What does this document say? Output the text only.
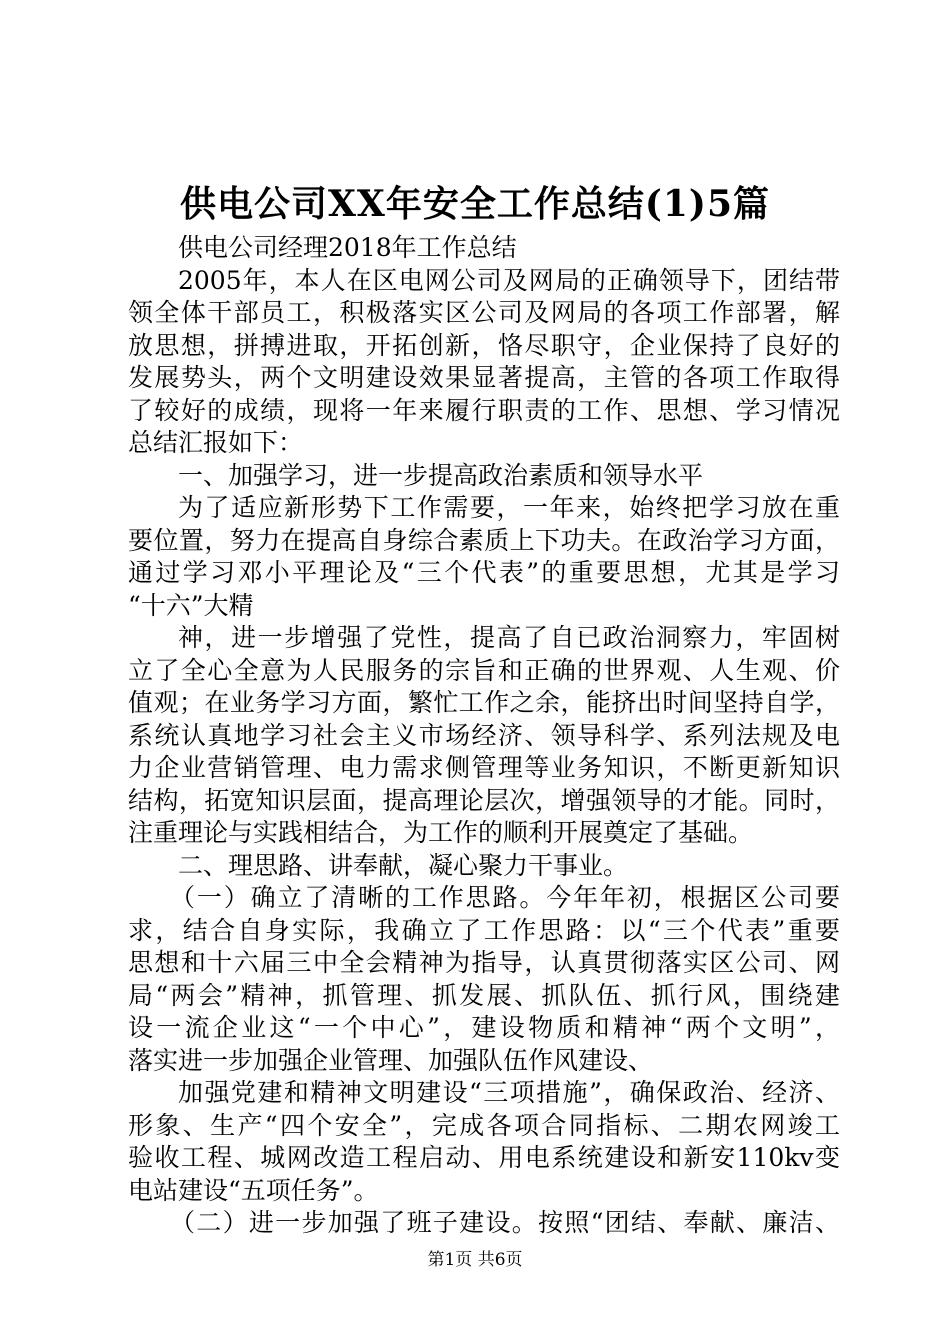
供电公司XX年安全工作总结(1)5篇
供电公司经理2018年工作总结
2005年，本人在区电网公司及网局的正确领导下，团结带
领全体干部员工，积极落实区公司及网局的各项工作部署，解
放思想，拼搏进取，开拓创新，恪尽职守，企业保持了良好的
发展势头，两个文明建设效果显著提高，主管的各项工作取得
了较好的成绩，现将一年来履行职责的工作、思想、学习情况
总结汇报如下：
一、加强学习，进一步提高政治素质和领导水平
为了适应新形势下工作需要，一年来，始终把学习放在重
要位置，努力在提高自身综合素质上下功夫。在政治学习方面，
通过学习邓小平理论及“三个代表”的重要思想，尤其是学习
“十六”大精
神，进一步增强了党性，提高了自已政治洞察力，牢固树
立了全心全意为人民服务的宗旨和正确的世界观、人生观、价
值观；在业务学习方面，繁忙工作之余，能挤出时间坚持自学，
系统认真地学习社会主义市场经济、领导科学、系列法规及电
力企业营销管理、电力需求侧管理等业务知识，不断更新知识
结构，拓宽知识层面，提高理论层次，增强领导的才能。同时，
注重理论与实践相结合，为工作的顺利开展奠定了基础。
二、理思路、讲奉献，凝心聚力干事业。
（一）确立了清晰的工作思路。今年年初，根据区公司要
求，结合自身实际，我确立了工作思路：以“三个代表”重要
思想和十六届三中全会精神为指导，认真贯彻落实区公司、网
局“两会”精神，抓管理、抓发展、抓队伍、抓行风，围绕建
设一流企业这“一个中心”，建设物质和精神“两个文明”，
落实进一步加强企业管理、加强队伍作风建设、
加强党建和精神文明建设“三项措施”，确保政治、经济、
形象、生产“四个安全”，完成各项合同指标、二期农网竣工
验收工程、城网改造工程启动、用电系统建设和新安110kv变
电站建设“五项任务”。
（二）进一步加强了班子建设。按照“团结、奉献、廉洁、
第1页 共6页
